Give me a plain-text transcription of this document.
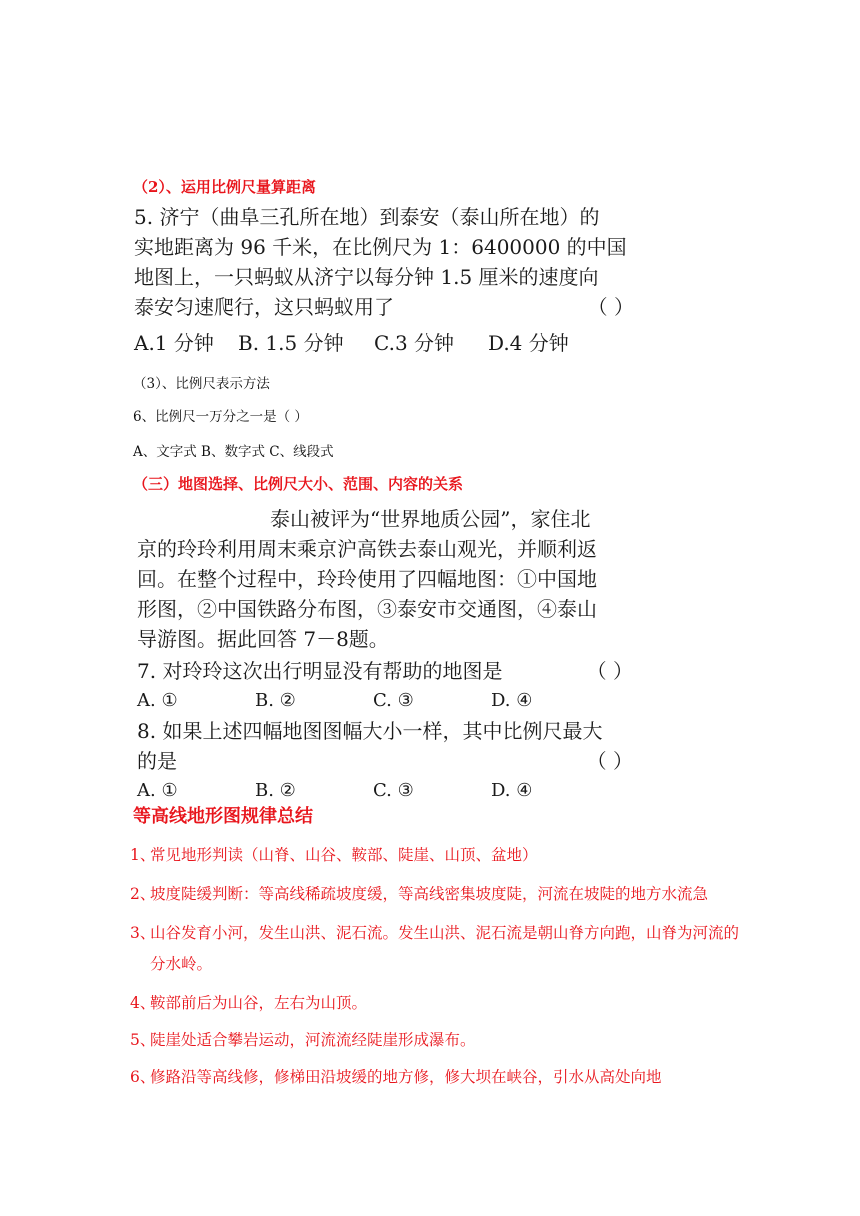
（2）、运用比例尺量算距离
5. 济宁（曲阜三孔所在地）到泰安（泰山所在地）的
实地距离为 96 千米，在比例尺为 1：6400000 的中国
地图上，一只蚂蚁从济宁以每分钟 1.5 厘米的速度向
泰安匀速爬行，这只蚂蚁用了	（ ）
A.1 分钟 B. 1.5 分钟 C.3 分钟 D.4 分钟
（3）、比例尺表示方法
6、比例尺一万分之一是（ ）
A、文字式 B、数字式 C、线段式
（三）地图选择、比例尺大小、范围、内容的关系
泰山被评为“世界地质公园”，家住北
京的玲玲利用周末乘京沪高铁去泰山观光，并顺利返
回。在整个过程中，玲玲使用了四幅地图：①中国地
形图，②中国铁路分布图，③泰安市交通图，④泰山
导游图。据此回答 7－8题。
7. 对玲玲这次出行明显没有帮助的地图是	（ ）
A. ①	B. ②	C. ③	D. ④
8. 如果上述四幅地图图幅大小一样，其中比例尺最大
的是	（ ）
A. ①	B. ②	C. ③	D. ④
等高线地形图规律总结
1、
常见地形判读（山脊、山谷、鞍部、陡崖、山顶、盆地）
2、
坡度陡缓判断：等高线稀疏坡度缓，等高线密集坡度陡，河流在坡陡的地方水流急
3、
山谷发育小河，发生山洪、泥石流。发生山洪、泥石流是朝山脊方向跑，山脊为河流的分水岭。
4、
鞍部前后为山谷，左右为山顶。
5、
陡崖处适合攀岩运动，河流流经陡崖形成瀑布。
6、
修路沿等高线修，修梯田沿坡缓的地方修，修大坝在峡谷，引水从高处向地
